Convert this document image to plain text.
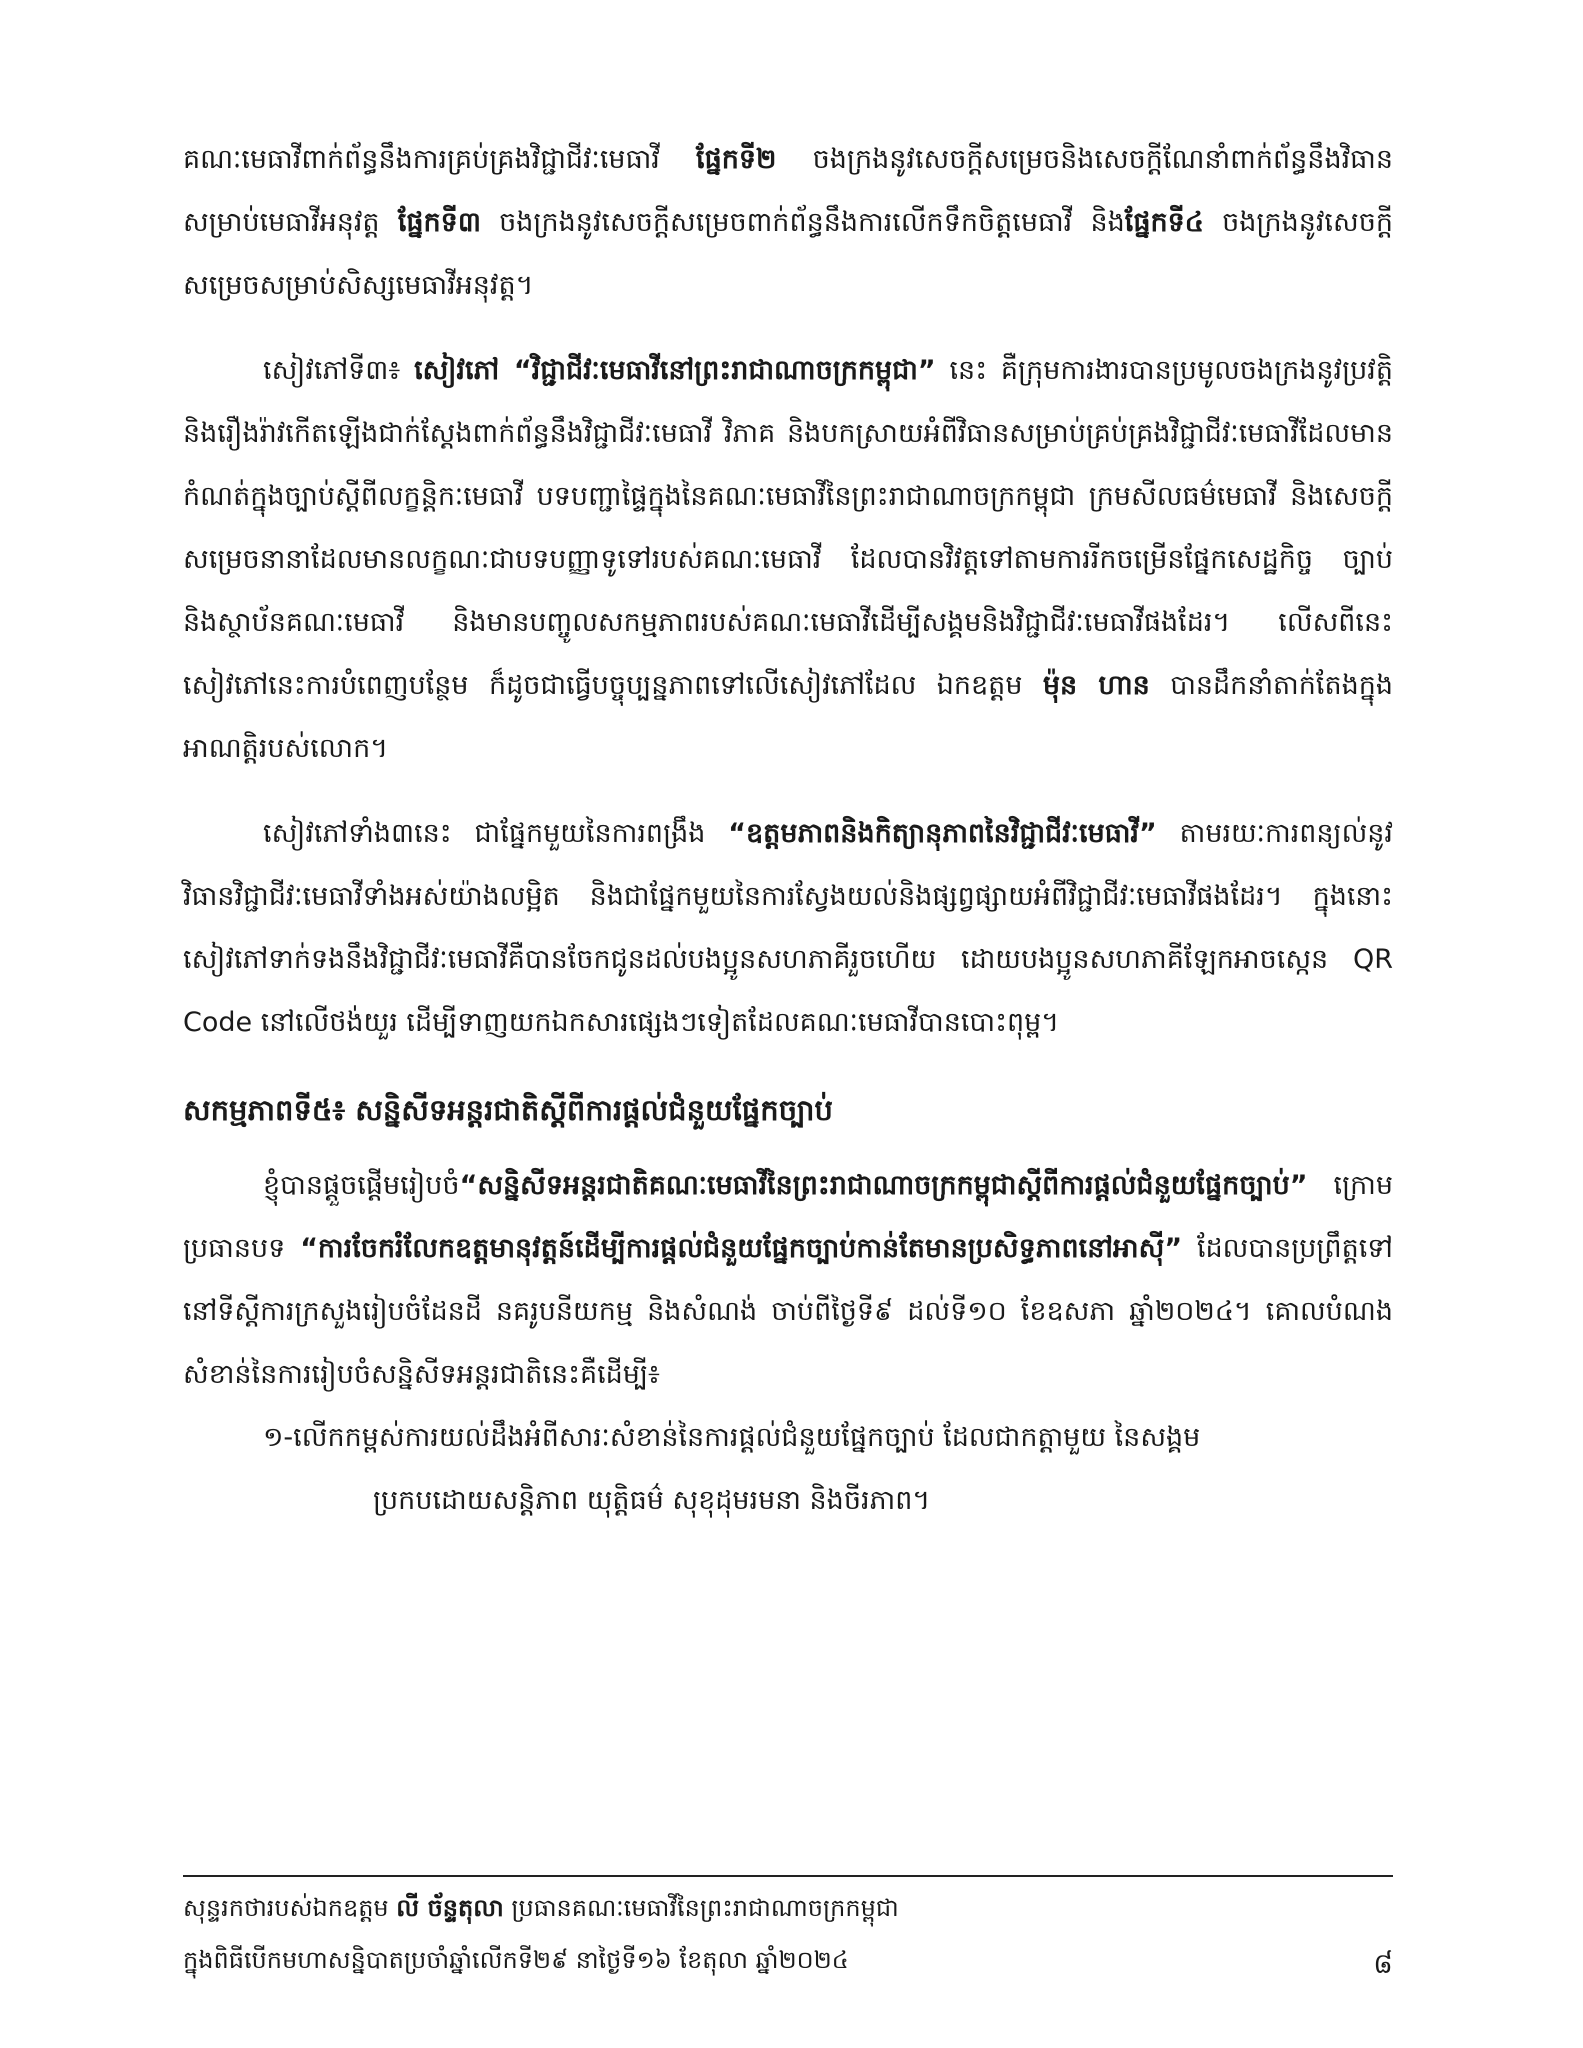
គណៈមេធាវីពាក់ព័ន្ធនឹងការគ្រប់គ្រងវិជ្ជាជីវៈមេធាវី ផ្នែកទី២ ចងក្រងនូវសេចក្តីសម្រេចនិងសេចក្តីណែនាំពាក់ព័ន្ធនឹងវិធានសម្រាប់មេធាវីអនុវត្ត ផ្នែកទី៣ ចងក្រងនូវសេចក្តីសម្រេចពាក់ព័ន្ធនឹងការលើកទឹកចិត្តមេធាវី និងផ្នែកទី៤ ចងក្រងនូវសេចក្តីសម្រេចសម្រាប់សិស្សមេធាវីអនុវត្ត។

សៀវភៅទី៣៖ សៀវភៅ “វិជ្ជាជីវៈមេធាវីនៅព្រះរាជាណាចក្រកម្ពុជា” នេះ គឺក្រុមការងារបានប្រមូលចងក្រងនូវប្រវត្តិ និងរឿងរ៉ាវកើតឡើងជាក់ស្តែងពាក់ព័ន្ធនឹងវិជ្ជាជីវៈមេធាវី វិភាគ និងបកស្រាយអំពីវិធានសម្រាប់គ្រប់គ្រងវិជ្ជាជីវៈមេធាវីដែលមានកំណត់ក្នុងច្បាប់ស្តីពីលក្ខន្តិកៈមេធាវី បទបញ្ជាផ្ទៃក្នុងនៃគណៈមេធាវីនៃព្រះរាជាណាចក្រកម្ពុជា ក្រមសីលធម៌មេធាវី និងសេចក្តីសម្រេចនានាដែលមានលក្ខណៈជាបទបញ្ញាទូទៅរបស់គណៈមេធាវី ដែលបានវិវត្តទៅតាមការរីកចម្រើនផ្នែកសេដ្ឋកិច្ច ច្បាប់ និងស្ថាប័នគណៈមេធាវី និងមានបញ្ចូលសកម្មភាពរបស់គណៈមេធាវីដើម្បីសង្គមនិងវិជ្ជាជីវៈមេធាវីផងដែរ។ លើសពីនេះសៀវភៅនេះការបំពេញបន្ថែម ក៏ដូចជាធ្វើបច្ចុប្បន្នភាពទៅលើសៀវភៅដែល ឯកឧត្តម ម៉ុន ហាន បានដឹកនាំតាក់តែងក្នុងអាណត្តិរបស់លោក។

សៀវភៅទាំង៣នេះ ជាផ្នែកមួយនៃការពង្រឹង “ឧត្តមភាពនិងកិត្យានុភាពនៃវិជ្ជាជីវៈមេធាវី” តាមរយៈការពន្យល់នូវវិធានវិជ្ជាជីវៈមេធាវីទាំងអស់យ៉ាងលម្អិត និងជាផ្នែកមួយនៃការស្វែងយល់និងផ្សព្វផ្សាយអំពីវិជ្ជាជីវៈមេធាវីផងដែរ។ ក្នុងនោះសៀវភៅទាក់ទងនឹងវិជ្ជាជីវៈមេធាវីគឺបានចែកជូនដល់បងប្អូនសហភាគីរួចហើយ ដោយបងប្អូនសហភាគីឡែកអាចស្កេន QR Code នៅលើថង់យួរ ដើម្បីទាញយកឯកសារផ្សេងៗទៀតដែលគណៈមេធាវីបានបោះពុម្ព។

សកម្មភាពទី៥៖ សន្និសីទអន្តរជាតិស្តីពីការផ្តល់ជំនួយផ្នែកច្បាប់

ខ្ញុំបានផ្តួចផ្តើមរៀបចំ“សន្និសីទអន្តរជាតិគណៈមេធាវីនៃព្រះរាជាណាចក្រកម្ពុជាស្តីពីការផ្តល់ជំនួយផ្នែកច្បាប់” ក្រោមប្រធានបទ “ការចែករំលែកឧត្តមានុវត្តន៍ដើម្បីការផ្តល់ជំនួយផ្នែកច្បាប់កាន់តែមានប្រសិទ្ធភាពនៅអាស៊ី” ដែលបានប្រព្រឹត្តទៅនៅទីស្តីការក្រសួងរៀបចំដែនដី នគរូបនីយកម្ម និងសំណង់ ចាប់ពីថ្ងៃទី៩ ដល់ទី១០ ខែឧសភា ឆ្នាំ២០២៤។ គោលបំណងសំខាន់នៃការរៀបចំសន្និសីទអន្តរជាតិនេះគឺដើម្បី៖

១-លើកកម្ពស់ការយល់ដឹងអំពីសារៈសំខាន់នៃការផ្តល់ជំនួយផ្នែកច្បាប់ ដែលជាកត្តាមួយ នៃសង្គម
ប្រកបដោយសន្តិភាព យុត្តិធម៌ សុខុដុមរមនា និងចីរភាព។
សុន្ទរកថារបស់ឯកឧត្តម លី ច័ន្ទតុលា ប្រធានគណៈមេធាវីនៃព្រះរាជាណាចក្រកម្ពុជា
ក្នុងពិធីបើកមហាសន្និបាតប្រចាំឆ្នាំលើកទី២៩ នាថ្ងៃទី១៦ ខែតុលា ឆ្នាំ២០២៤	៨
